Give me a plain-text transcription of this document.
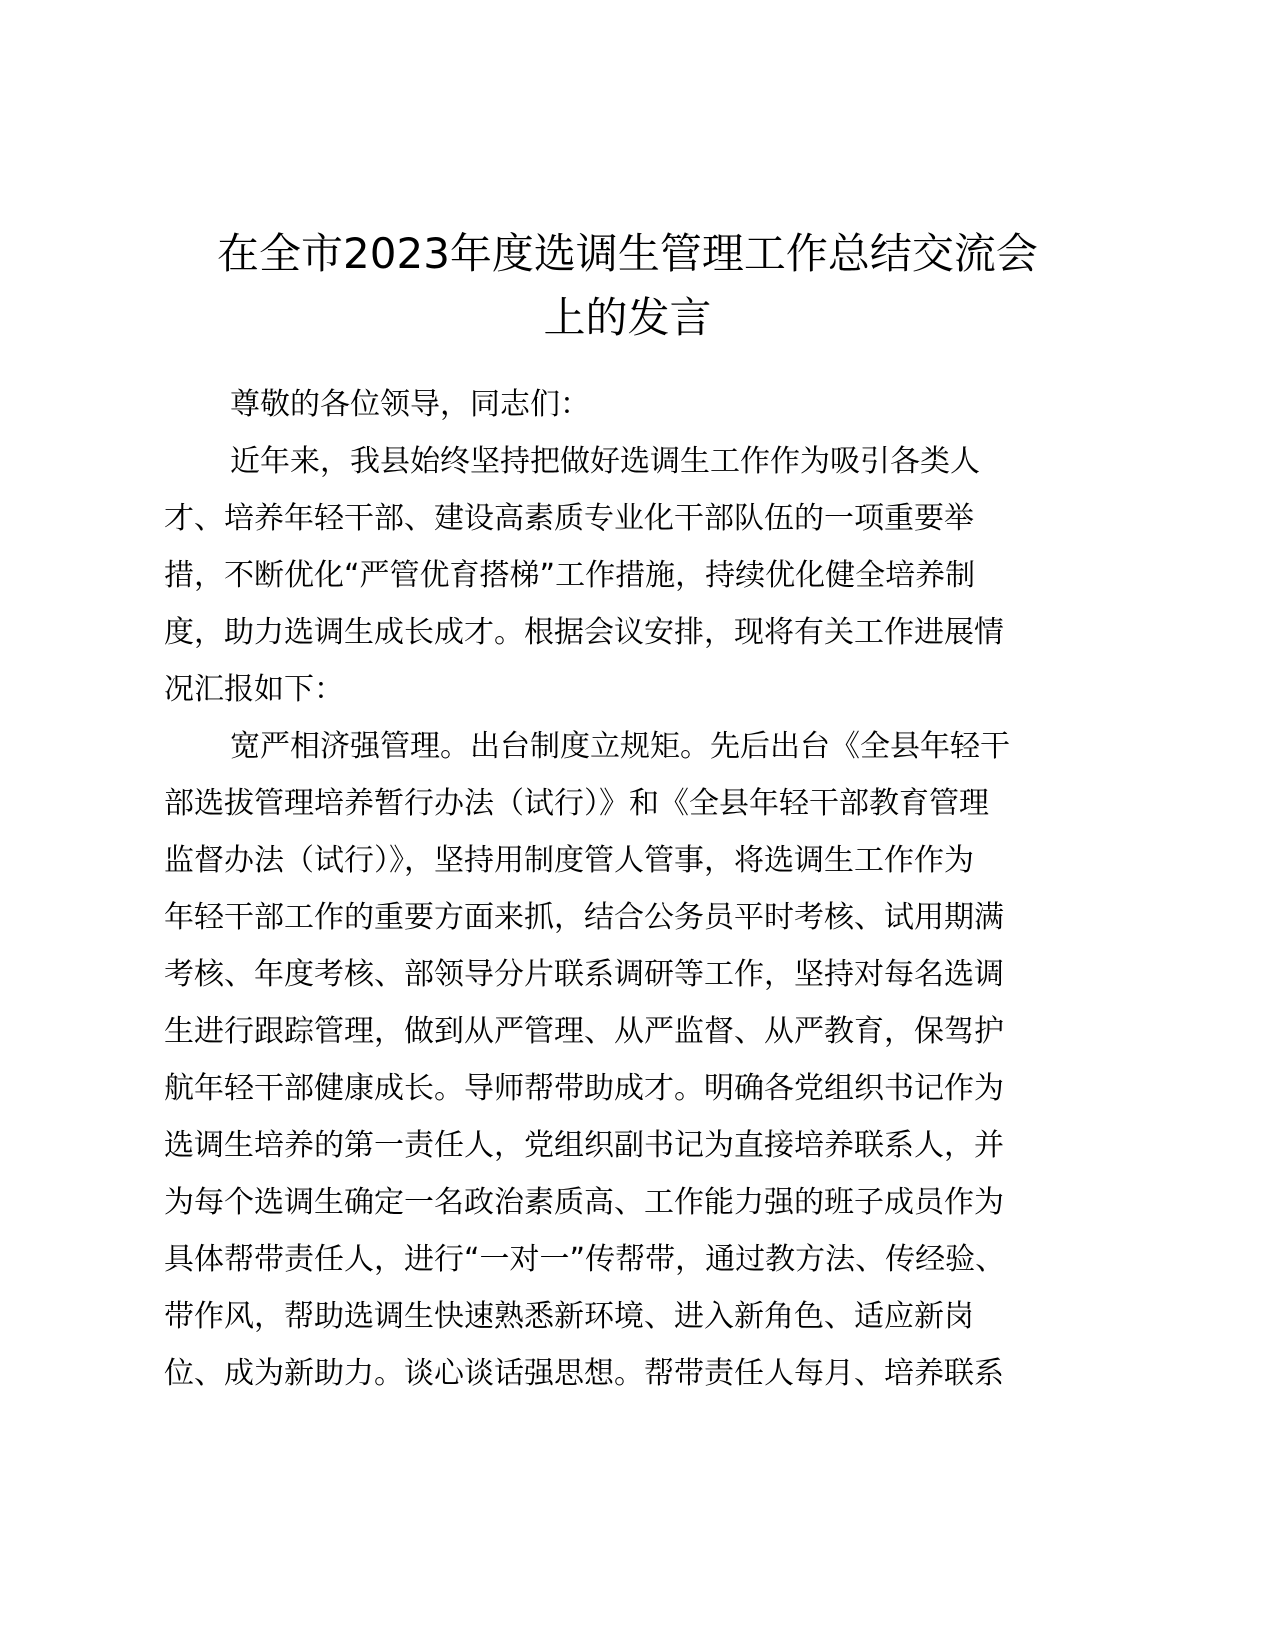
在全市2023年度选调生管理工作总结交流会
上的发言
尊敬的各位领导，同志们：
近年来，我县始终坚持把做好选调生工作作为吸引各类人
才、培养年轻干部、建设高素质专业化干部队伍的一项重要举
措，不断优化“严管优育搭梯”工作措施，持续优化健全培养制
度，助力选调生成长成才。根据会议安排，现将有关工作进展情
况汇报如下：
宽严相济强管理。出台制度立规矩。先后出台《全县年轻干
部选拔管理培养暂行办法（试行）》和《全县年轻干部教育管理
监督办法（试行）》，坚持用制度管人管事，将选调生工作作为
年轻干部工作的重要方面来抓，结合公务员平时考核、试用期满
考核、年度考核、部领导分片联系调研等工作，坚持对每名选调
生进行跟踪管理，做到从严管理、从严监督、从严教育，保驾护
航年轻干部健康成长。导师帮带助成才。明确各党组织书记作为
选调生培养的第一责任人，党组织副书记为直接培养联系人，并
为每个选调生确定一名政治素质高、工作能力强的班子成员作为
具体帮带责任人，进行“一对一”传帮带，通过教方法、传经验、
带作风，帮助选调生快速熟悉新环境、进入新角色、适应新岗
位、成为新助力。谈心谈话强思想。帮带责任人每月、培养联系
